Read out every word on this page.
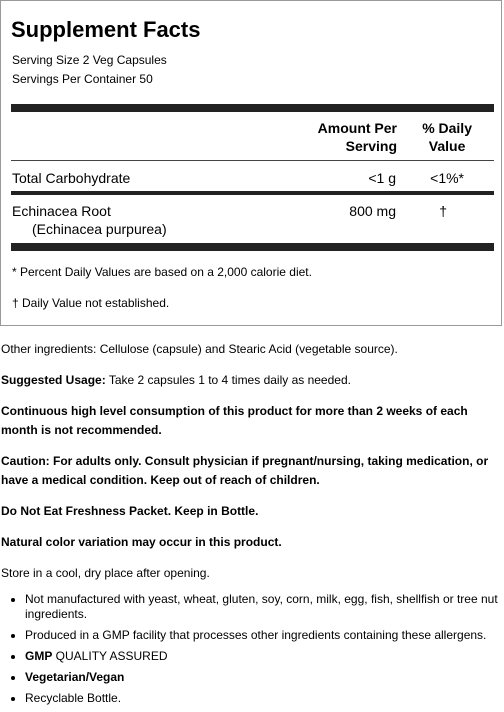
Supplement Facts
Serving Size 2 Veg Capsules
Servings Per Container 50
Amount Per
Serving
% Daily
Value
Total Carbohydrate	<1 g <1%*
Echinacea Root
(Echinacea purpurea)
800 mg	†
* Percent Daily Values are based on a 2,000 calorie diet.
† Daily Value not established.
Other ingredients: Cellulose (capsule) and Stearic Acid (vegetable source).
Suggested Usage: Take 2 capsules 1 to 4 times daily as needed.
Continuous high level consumption of this product for more than 2 weeks of each month is not recommended.
Caution: For adults only. Consult physician if pregnant/nursing, taking medication, or have a medical condition. Keep out of reach of children.
Do Not Eat Freshness Packet. Keep in Bottle.
Natural color variation may occur in this product.
Store in a cool, dry place after opening.
• Not manufactured with yeast, wheat, gluten, soy, corn, milk, egg, fish, shellfish or tree nut ingredients.
• Produced in a GMP facility that processes other ingredients containing these allergens.
• GMP QUALITY ASSURED
• Vegetarian/Vegan
• Recyclable Bottle.
